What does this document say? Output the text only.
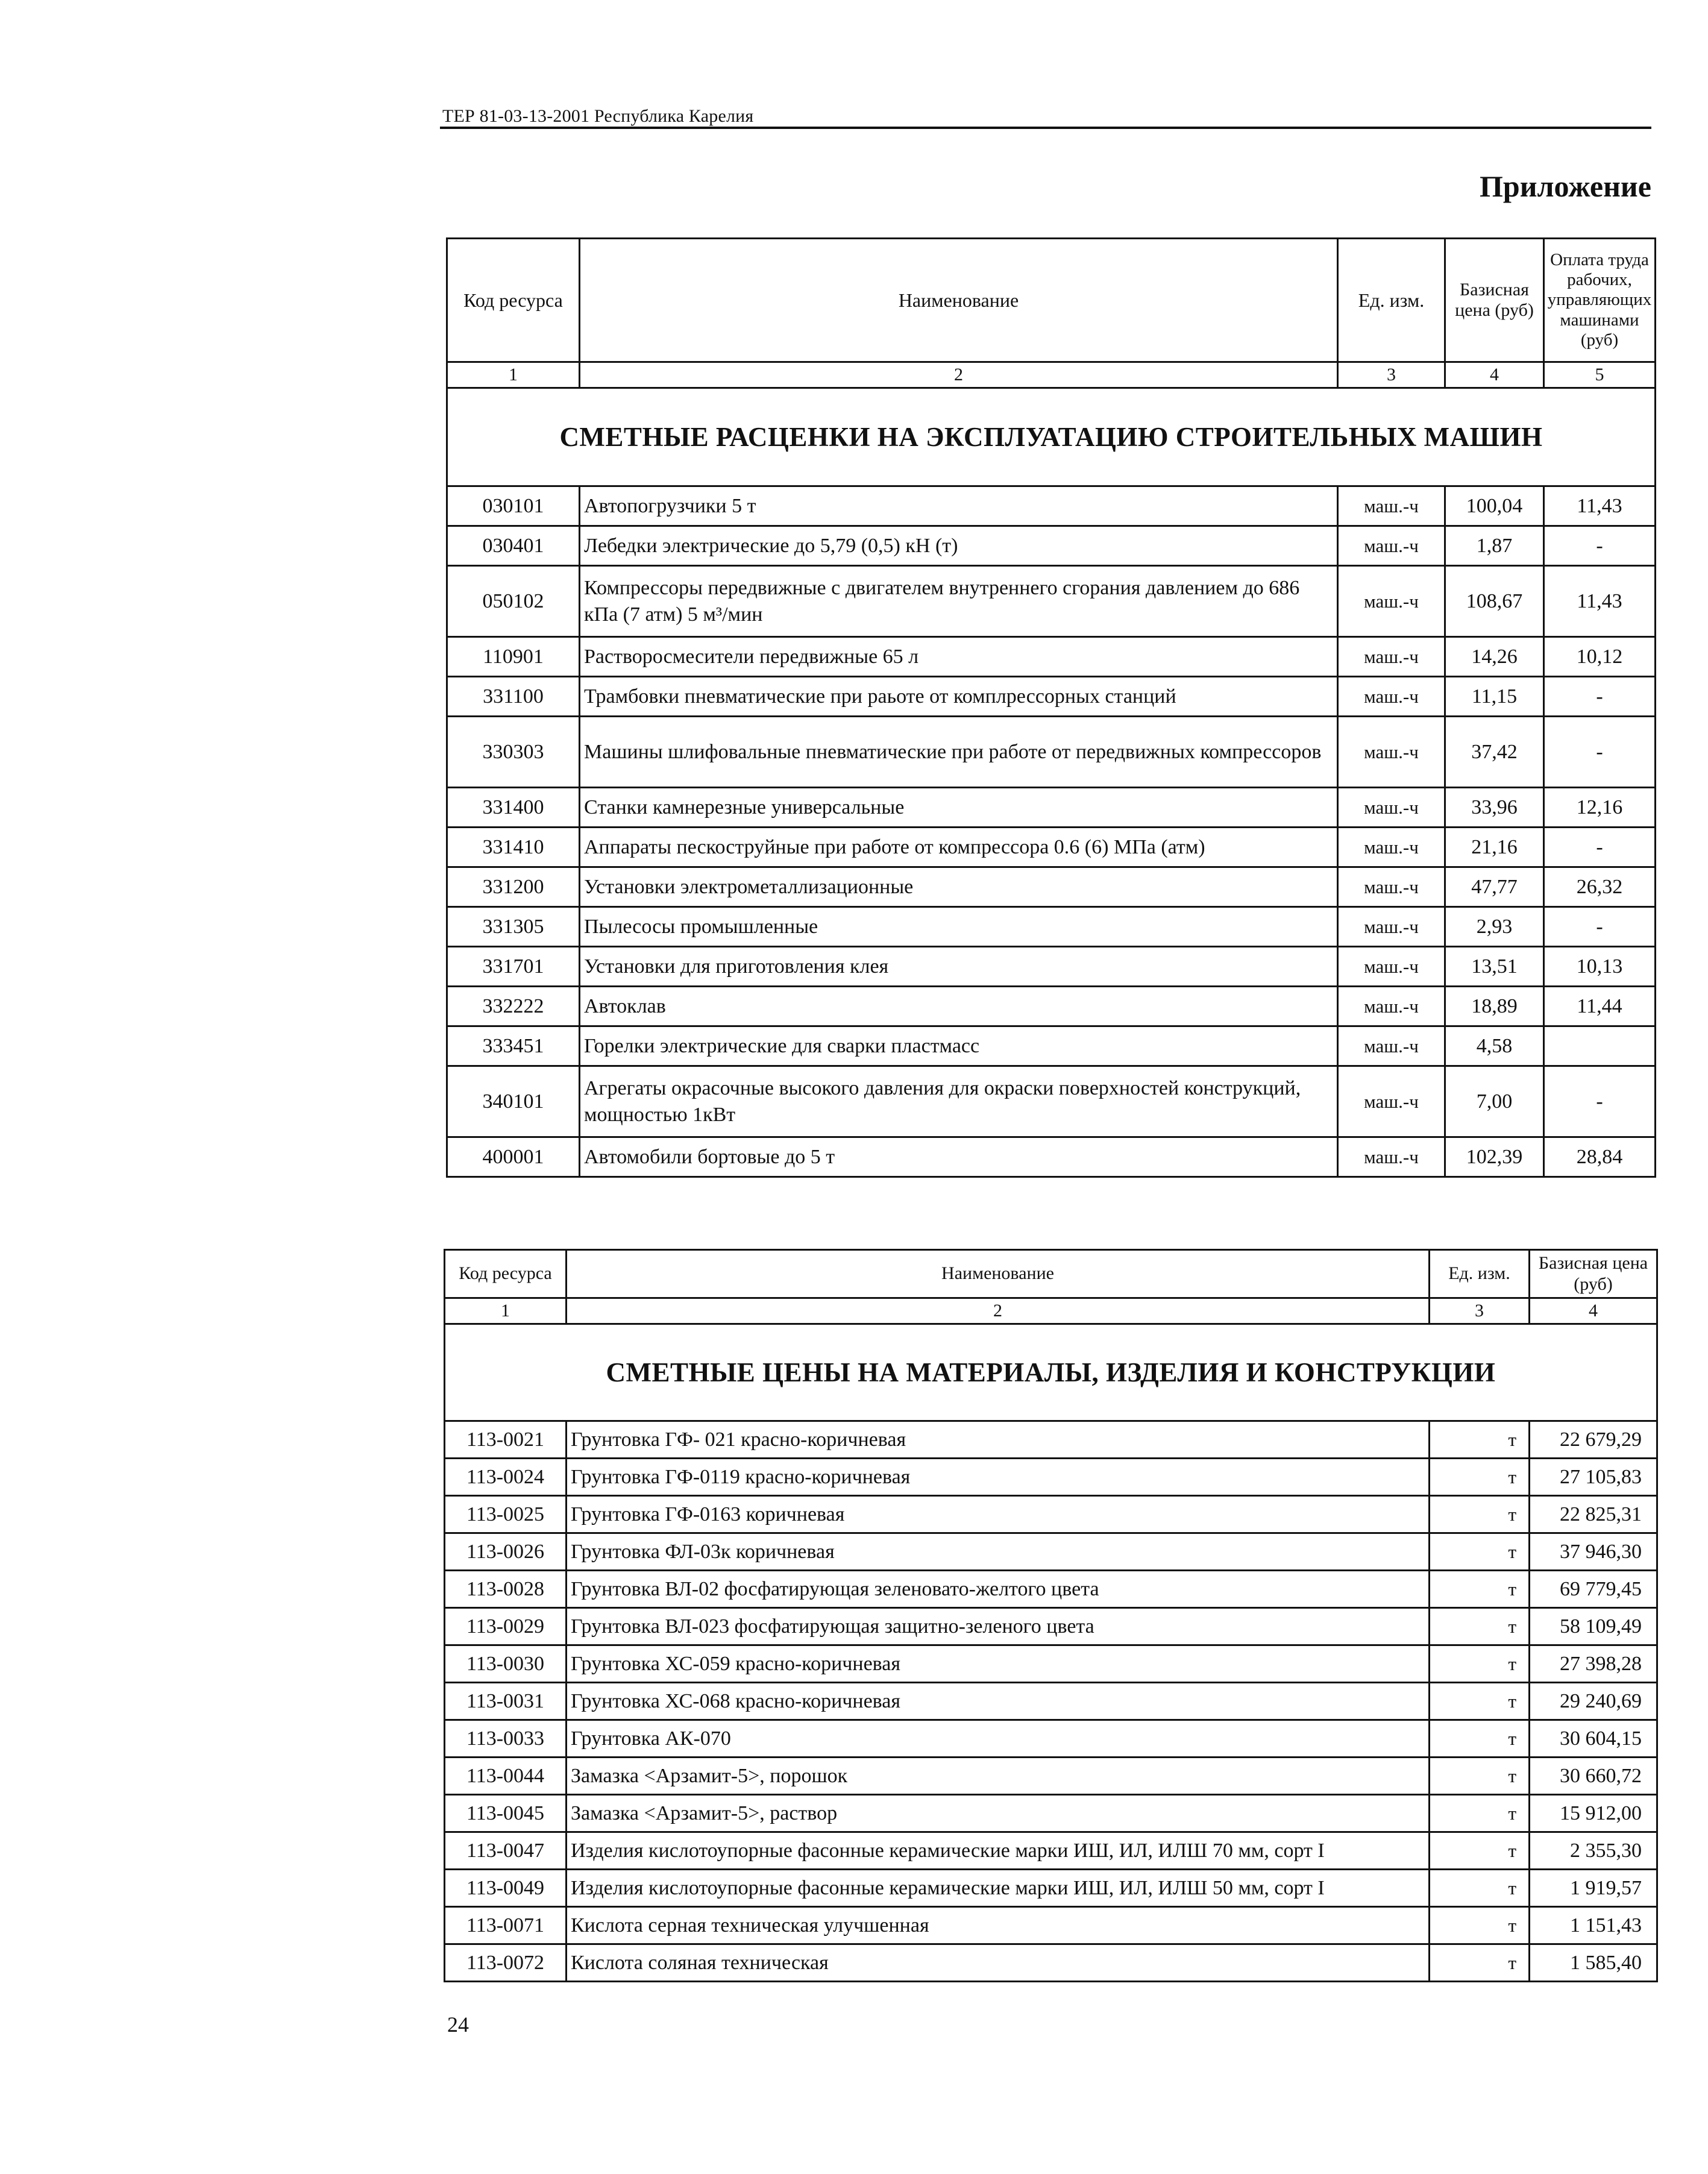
ТЕР 81-03-13-2001 Республика Карелия
Приложение
Код ресурса	Наименование	Ед. изм.	Базисная цена (руб)	Оплата труда рабочих, управляющих машинами (руб)
1	2	3	4	5
СМЕТНЫЕ РАСЦЕНКИ НА ЭКСПЛУАТАЦИЮ СТРОИТЕЛЬНЫХ МАШИН				
030101	Автопогрузчики 5 т	маш.-ч	100,04	11,43
030401	Лебедки электрические до 5,79 (0,5) кН (т)	маш.-ч	1,87	-
050102	Компрессоры передвижные с двигателем внутреннего сгорания давлением до 686 кПа (7 атм) 5 м³/мин	маш.-ч	108,67	11,43
110901	Растворосмесители передвижные 65 л	маш.-ч	14,26	10,12
331100	Трамбовки пневматические при раьоте от комплрессорных станций	маш.-ч	11,15	-
330303	Машины шлифовальные пневматические при работе от передвижных компрессоров	маш.-ч	37,42	-
331400	Станки камнерезные универсальные	маш.-ч	33,96	12,16
331410	Аппараты пескоструйные при работе от компрессора 0.6 (6) МПа (атм)	маш.-ч	21,16	-
331200	Установки электрометаллизационные	маш.-ч	47,77	26,32
331305	Пылесосы промышленные	маш.-ч	2,93	-
331701	Установки для приготовления клея	маш.-ч	13,51	10,13
332222	Автоклав	маш.-ч	18,89	11,44
333451	Горелки электрические для сварки пластмасс	маш.-ч	4,58	
340101	Агрегаты окрасочные высокого давления для окраски поверхностей конструкций, мощностью 1кВт	маш.-ч	7,00	-
400001	Автомобили бортовые до 5 т	маш.-ч	102,39	28,84
Код ресурса	Наименование	Ед. изм.	Базисная цена (руб)
1	2	3	4
СМЕТНЫЕ ЦЕНЫ НА МАТЕРИАЛЫ, ИЗДЕЛИЯ И КОНСТРУКЦИИ			
113-0021	Грунтовка ГФ- 021 красно-коричневая	т	22 679,29
113-0024	Грунтовка ГФ-0119 красно-коричневая	т	27 105,83
113-0025	Грунтовка ГФ-0163 коричневая	т	22 825,31
113-0026	Грунтовка ФЛ-03к коричневая	т	37 946,30
113-0028	Грунтовка ВЛ-02 фосфатирующая зеленовато-желтого цвета	т	69 779,45
113-0029	Грунтовка ВЛ-023 фосфатирующая защитно-зеленого цвета	т	58 109,49
113-0030	Грунтовка ХС-059 красно-коричневая	т	27 398,28
113-0031	Грунтовка ХС-068 красно-коричневая	т	29 240,69
113-0033	Грунтовка АК-070	т	30 604,15
113-0044	Замазка <Арзамит-5>, порошок	т	30 660,72
113-0045	Замазка <Арзамит-5>, раствор	т	15 912,00
113-0047	Изделия кислотоупорные фасонные керамические марки ИШ, ИЛ, ИЛШ 70 мм, сорт I	т	2 355,30
113-0049	Изделия кислотоупорные фасонные керамические марки ИШ, ИЛ, ИЛШ 50 мм, сорт I	т	1 919,57
113-0071	Кислота серная техническая улучшенная	т	1 151,43
113-0072	Кислота соляная техническая	т	1 585,40
24
